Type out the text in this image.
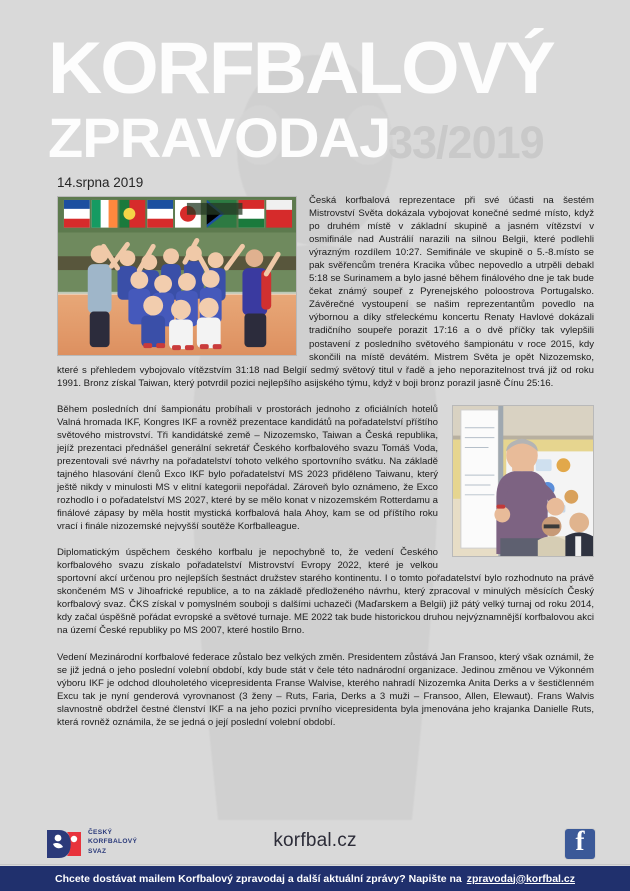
KORFBALOVÝ
ZPRAVODAJ
33/2019
14.srpna 2019

Česká korfbalová reprezentace při své účasti na šestém Mistrovství Světa dokázala vybojovat konečné sedmé místo, když po druhém místě v základní skupině a jasném vítězství v osmifinále nad Austrálií narazili na silnou Belgii, které podlehli výrazným rozdílem 10:27. Semifinále ve skupině o 5.-8.místo se pak svěřencům trenéra Kracika vůbec nepovedlo a utrpěli debakl 5:18 se Surinamem a bylo jasné během finálového dne je tak bude čekat známý soupeř z Pyrenejského poloostrova Portugalsko. Závěrečné vystoupení se našim reprezentantům povedlo na výbornou a díky střeleckému koncertu Renaty Havlové dokázali tradičního soupeře porazit 17:16 a o dvě příčky tak vylepšili postavení z posledního světového šampionátu v roce 2015, kdy skončili na místě devátém. Mistrem Světa je opět Nizozemsko, které s přehledem vybojovalo vítězstvím 31:18 nad Belgií sedmý světový titul v řadě a jeho neporazitelnost trvá již od roku 1991. Bronz získal Taiwan, který potvrdil pozici nejlepšího asijského týmu, když v boji bronz porazil jasně Čínu 25:16.

Během posledních dní šampionátu probíhali v prostorách jednoho z oficiálních hotelů Valná hromada IKF, Kongres IKF a rovněž prezentace kandidátů na pořadatelství příštího světového mistrovství. Tři kandidátské země – Nizozemsko, Taiwan a Česká republika, jejíž prezentaci přednášel generální sekretář Českého korfbalového svazu Tomáš Voda, prezentovali své návrhy na pořadatelství tohoto velkého sportovního svátku. Na základě tajného hlasování členů Exco IKF bylo pořadatelství MS 2023 přiděleno Taiwanu, který ještě nikdy v minulosti MS v elitní kategorii nepořádal. Zároveň bylo oznámeno, že Exco rozhodlo i o pořadatelství MS 2027, které by se mělo konat v nizozemském Rotterdamu a finálové zápasy by měla hostit mystická korfbalová hala Ahoy, kam se od příštího roku vrací i finále nizozemské nejvyšší soutěže Korfballeague.

Diplomatickým úspěchem českého korfbalu je nepochybně to, že vedení Českého korfbalového svazu získalo pořadatelství Mistrovství Evropy 2022, které je velkou sportovní akcí určenou pro nejlepších šestnáct družstev starého kontinentu. I o tomto pořadatelství bylo rozhodnuto na právě skončeném MS v Jihoafrické republice, a to na základě předloženého návrhu, který zpracoval v minulých měsících Český korfbalový svaz. ČKS získal v pomyslném souboji s dalšími uchazeči (Maďarskem a Belgii) již pátý velký turnaj od roku 2014, kdy začal úspěšně pořádat evropské a světové turnaje. ME 2022 tak bude historickou druhou nejvýznamnější korfbalovou akci na území České republiky po MS 2007, které hostilo Brno.

Vedení Mezinárodní korfbalové federace zůstalo bez velkých změn. Presidentem zůstává Jan Fransoo, který však oznámil, že se již jedná o jeho poslední volební období, kdy bude stát v čele této nadnárodní organizace. Jedinou změnou ve Výkonném výboru IKF je odchod dlouholetého vicepresidenta Franse Walvise, kterého nahradí Nizozemka Anita Derks a v šestičlenném Excu tak je nyní genderová vyrovnanost (3 ženy – Ruts, Faria, Derks a 3 muži – Fransoo, Allen, Elewaut). Frans Walvis slavnostně obdržel čestné členství IKF a na jeho pozici prvního vicepresidenta byla jmenována jeho krajanka Danielle Ruts, která rovněž oznámila, že se jedná o její poslední volební období.

ČESKÝ
KORFBALOVÝ
SVAZ
korfbal.cz	f
Chcete dostávat mailem Korfbalový zpravodaj a další aktuální zprávy? Napište na zpravodaj@korfbal.cz
